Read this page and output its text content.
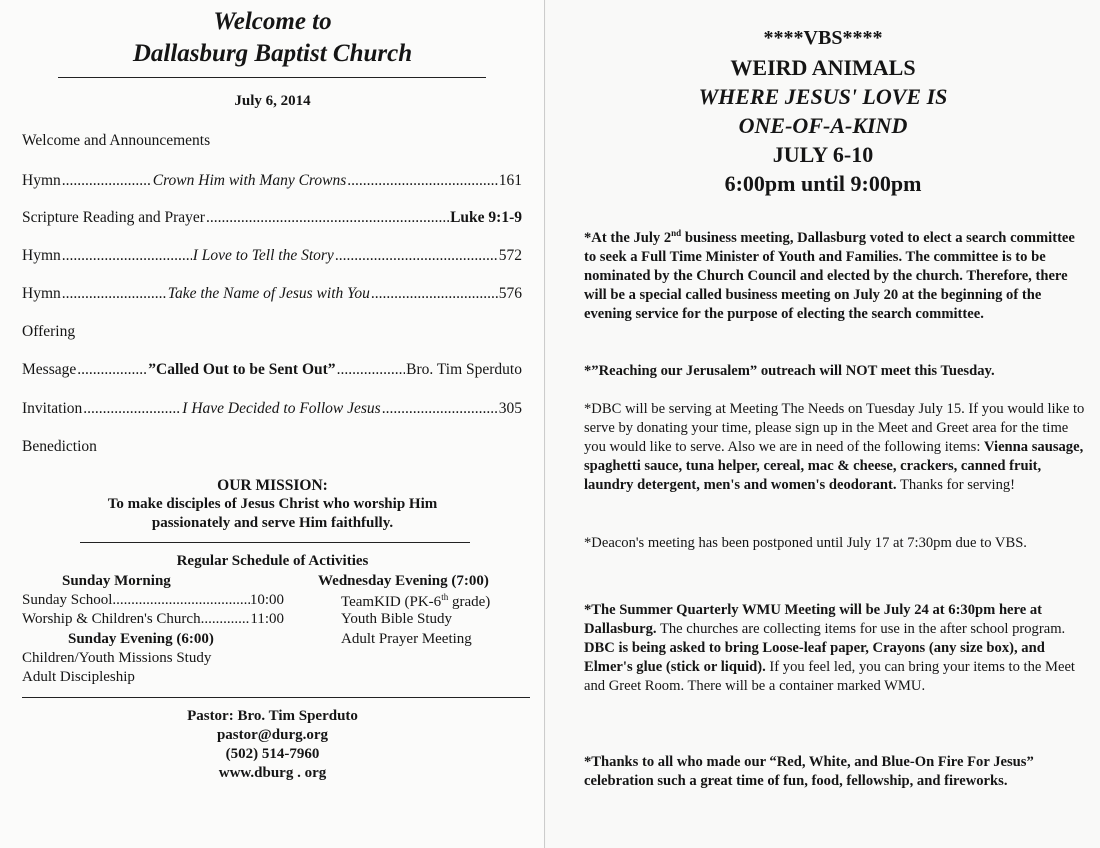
Welcome to
Dallasburg Baptist Church
July 6, 2014
Welcome and Announcements
Hymn .....	Crown Him with Many Crowns .....	161
Scripture Reading and Prayer .....	Luke 9:1-9
Hymn .....	I Love to Tell the Story .....	572
Hymn .....	Take the Name of Jesus with You .....	576
Offering
Message .....	”Called Out to be Sent Out” .....	Bro. Tim Sperduto
Invitation .....	I Have Decided to Follow Jesus .....	305
Benediction
OUR MISSION:
To make disciples of Jesus Christ who worship Him
passionately and serve Him faithfully.
Regular Schedule of Activities
Sunday Morning
Sunday School .....	10:00
Worship & Children's Church .....	11:00
Sunday Evening (6:00)
Children/Youth Missions Study
Adult Discipleship
Wednesday Evening (7:00)
TeamKID (PK-6th grade)
Youth Bible Study
Adult Prayer Meeting
Pastor: Bro. Tim Sperduto
pastor@durg.org
(502) 514-7960
www.dburg . org
****VBS****
WEIRD ANIMALS
WHERE JESUS' LOVE IS
ONE-OF-A-KIND
JULY 6-10
6:00pm until 9:00pm
*At the July 2nd business meeting, Dallasburg voted to elect a search committee to seek a Full Time Minister of Youth and Families. The committee is to be nominated by the Church Council and elected by the church. Therefore, there will be a special called business meeting on July 20 at the beginning of the evening service for the purpose of electing the search committee.
*”Reaching our Jerusalem” outreach will NOT meet this Tuesday.
*DBC will be serving at Meeting The Needs on Tuesday July 15. If you would like to serve by donating your time, please sign up in the Meet and Greet area for the time you would like to serve. Also we are in need of the following items: Vienna sausage, spaghetti sauce, tuna helper, cereal, mac & cheese, crackers, canned fruit, laundry detergent, men's and women's deodorant. Thanks for serving!
*Deacon's meeting has been postponed until July 17 at 7:30pm due to VBS.
*The Summer Quarterly WMU Meeting will be July 24 at 6:30pm here at Dallasburg. The churches are collecting items for use in the after school program. DBC is being asked to bring Loose-leaf paper, Crayons (any size box), and Elmer's glue (stick or liquid). If you feel led, you can bring your items to the Meet and Greet Room. There will be a container marked WMU.
*Thanks to all who made our “Red, White, and Blue-On Fire For Jesus” celebration such a great time of fun, food, fellowship, and fireworks.
